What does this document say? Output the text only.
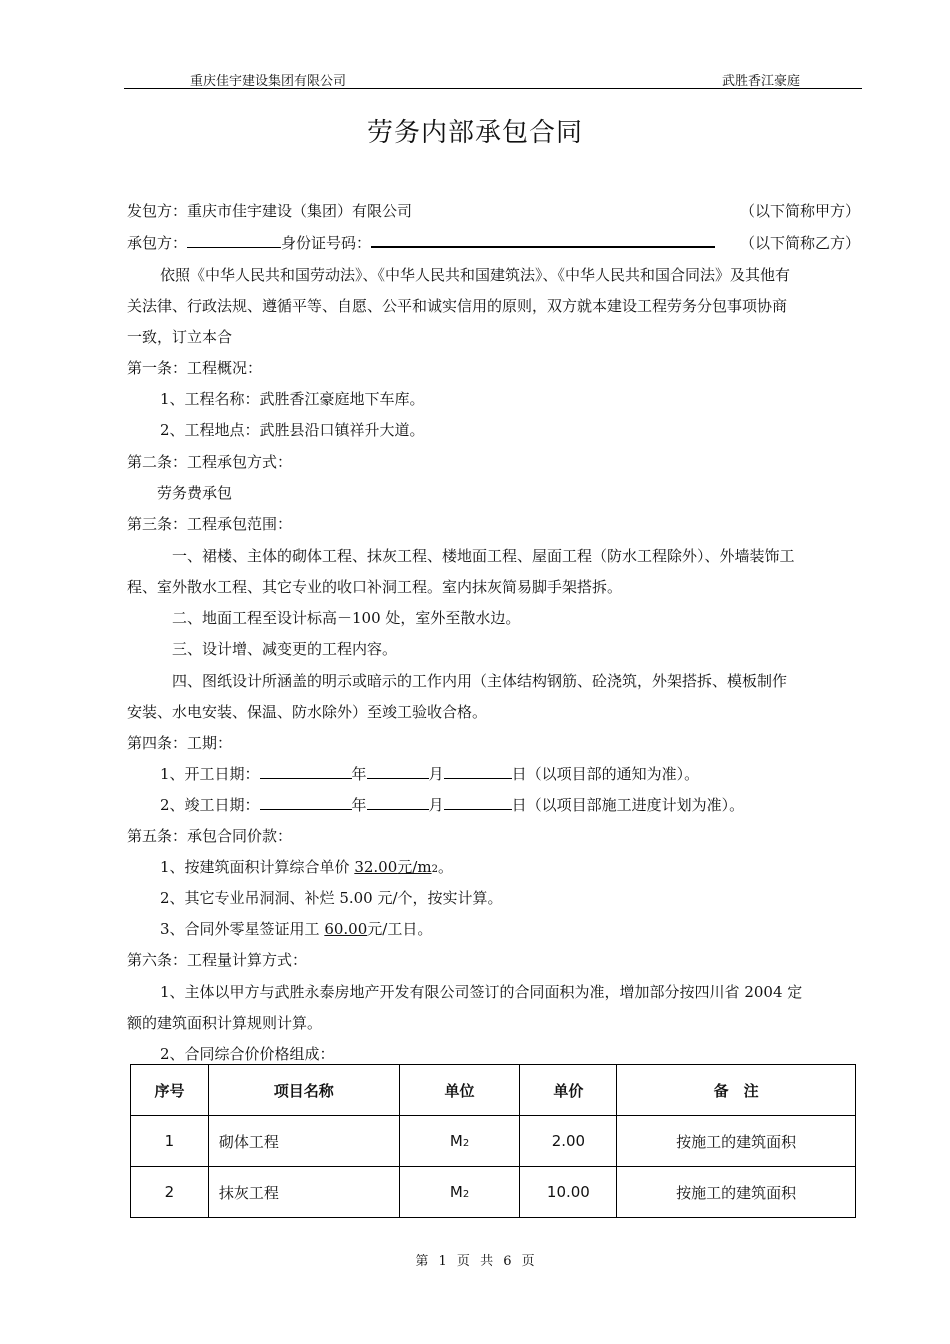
重庆佳宇建设集团有限公司	武胜香江豪庭
劳务内部承包合同
发包方：重庆市佳宇建设（集团）有限公司	（以下简称甲方）
承包方：	身份证号码：	（以下简称乙方）
依照《中华人民共和国劳动法》、《中华人民共和国建筑法》、《中华人民共和国合同法》及其他有
关法律、行政法规、遵循平等、自愿、公平和诚实信用的原则，双方就本建设工程劳务分包事项协商
一致，订立本合
第一条：工程概况：
1、工程名称：武胜香江豪庭地下车库。
2、工程地点：武胜县沿口镇祥升大道。
第二条：工程承包方式：
劳务费承包
第三条：工程承包范围：
一、裙楼、主体的砌体工程、抹灰工程、楼地面工程、屋面工程（防水工程除外）、外墙装饰工
程、室外散水工程、其它专业的收口补洞工程。室内抹灰简易脚手架搭拆。
二、地面工程至设计标高－100 处，室外至散水边。
三、设计增、减变更的工程内容。
四、图纸设计所涵盖的明示或暗示的工作内用（主体结构钢筋、砼浇筑，外架搭拆、模板制作
安装、水电安装、保温、防水除外）至竣工验收合格。
第四条：工期：
1、开工日期：	年	月	日（以项目部的通知为准）。
2、竣工日期：	年	月	日（以项目部施工进度计划为准）。
第五条：承包合同价款：
1、按建筑面积计算综合单价 32.00元/m2。
2、其它专业吊洞洞、补烂 5.00 元/个，按实计算。
3、合同外零星签证用工 60.00元/工日。
第六条：工程量计算方式：
1、主体以甲方与武胜永泰房地产开发有限公司签订的合同面积为准，增加部分按四川省 2004 定
额的建筑面积计算规则计算。
2、合同综合价价格组成：
序号	项目名称	单位	单价	备　注
1	砌体工程	M2	2.00	按施工的建筑面积
2	抹灰工程	M2	10.00	按施工的建筑面积
第 1 页 共 6 页
